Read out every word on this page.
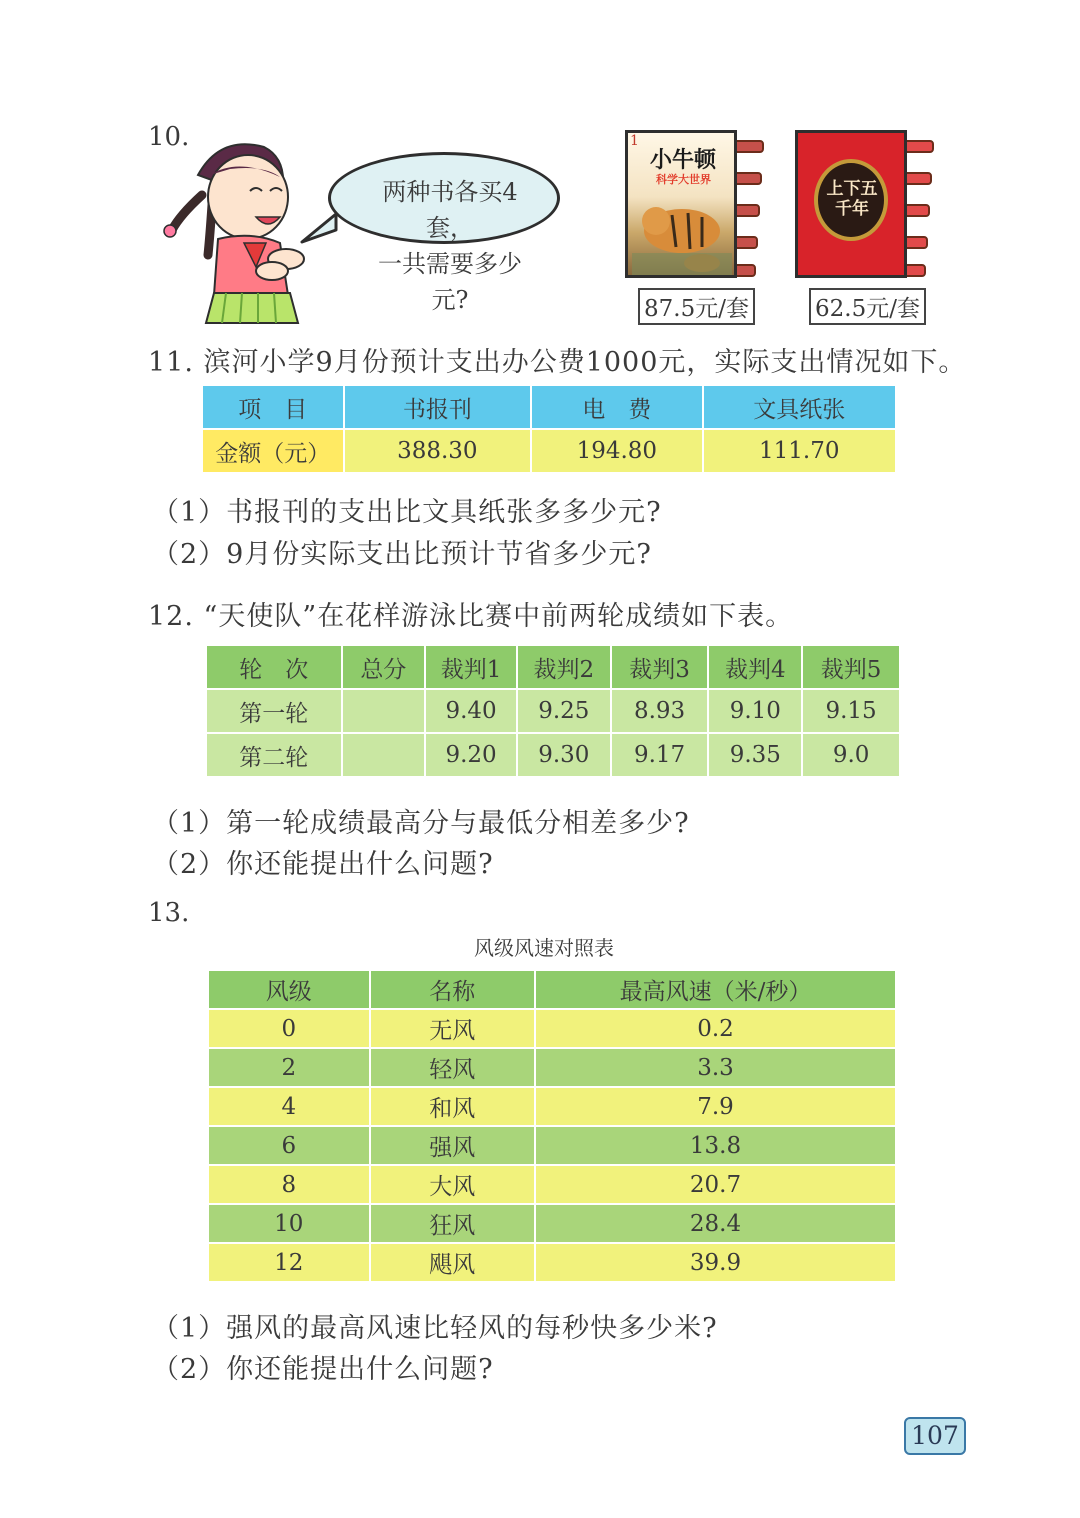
10.
两种书各买4套，
一共需要多少元?
1
小牛顿
科学大世界
87.5元/套
上下五千年
62.5元/套
11. 滨河小学9月份预计支出办公费1000元，实际支出情况如下。
项　目	书报刊	电　费	文具纸张
金额（元）	388.30	194.80	111.70
（1）书报刊的支出比文具纸张多多少元?
（2）9月份实际支出比预计节省多少元?
12. “天使队”在花样游泳比赛中前两轮成绩如下表。
轮　次	总分	裁判1	裁判2	裁判3	裁判4	裁判5
第一轮		9.40	9.25	8.93	9.10	9.15
第二轮		9.20	9.30	9.17	9.35	9.0
（1）第一轮成绩最高分与最低分相差多少?
（2）你还能提出什么问题?
13.
风级风速对照表
风级	名称	最高风速（米/秒）
0	无风	0.2
2	轻风	3.3
4	和风	7.9
6	强风	13.8
8	大风	20.7
10	狂风	28.4
12	飓风	39.9
（1）强风的最高风速比轻风的每秒快多少米?
（2）你还能提出什么问题?
107
